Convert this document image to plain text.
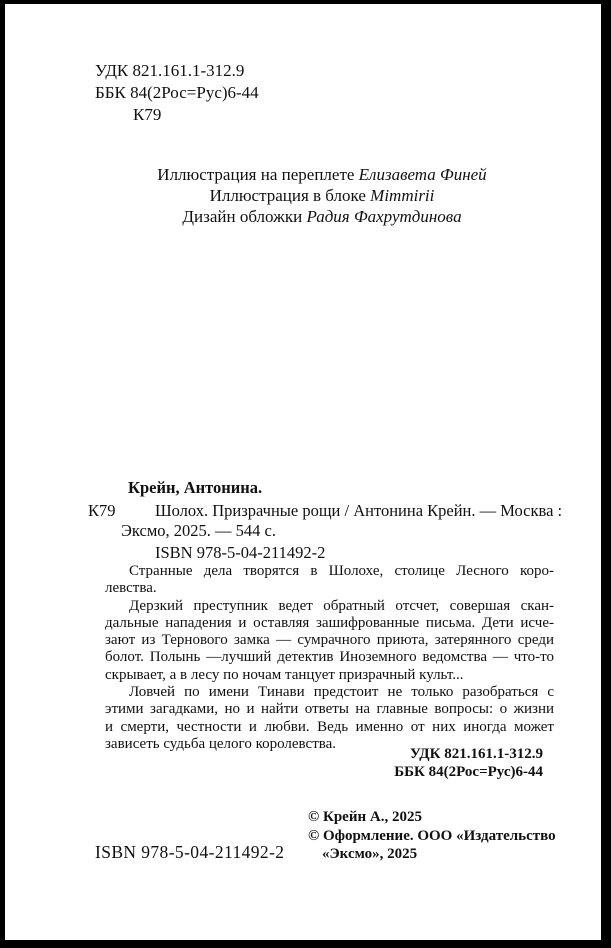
УДК 821.161.1-312.9
ББК 84(2Рос=Рус)6-44
К79
Иллюстрация на переплете Елизавета Финей
Иллюстрация в блоке Mimmirii
Дизайн обложки Радия Фахрутдинова
Крейн, Антонина.
К79 Шолох. Призрачные рощи / Антонина Крейн. — Москва :
Эксмо, 2025. — 544 с.
ISBN 978-5-04-211492-2
Странные дела творятся в Шолохе, столице Лесного коро-
левства.
Дерзкий преступник ведет обратный отсчет, совершая скан-
дальные нападения и оставляя зашифрованные письма. Дети исче-
зают из Тернового замка — сумрачного приюта, затерянного среди
болот. Полынь —лучший детектив Иноземного ведомства — что-то
скрывает, а в лесу по ночам танцует призрачный культ...
Ловчей по имени Тинави предстоит не только разобраться с
этими загадками, но и найти ответы на главные вопросы: о жизни
и смерти, честности и любви. Ведь именно от них иногда может
зависеть судьба целого королевства.
УДК 821.161.1-312.9
ББК 84(2Рос=Рус)6-44
© Крейн А., 2025
© Оформление. ООО «Издательство «Эксмо», 2025
ISBN 978-5-04-211492-2
